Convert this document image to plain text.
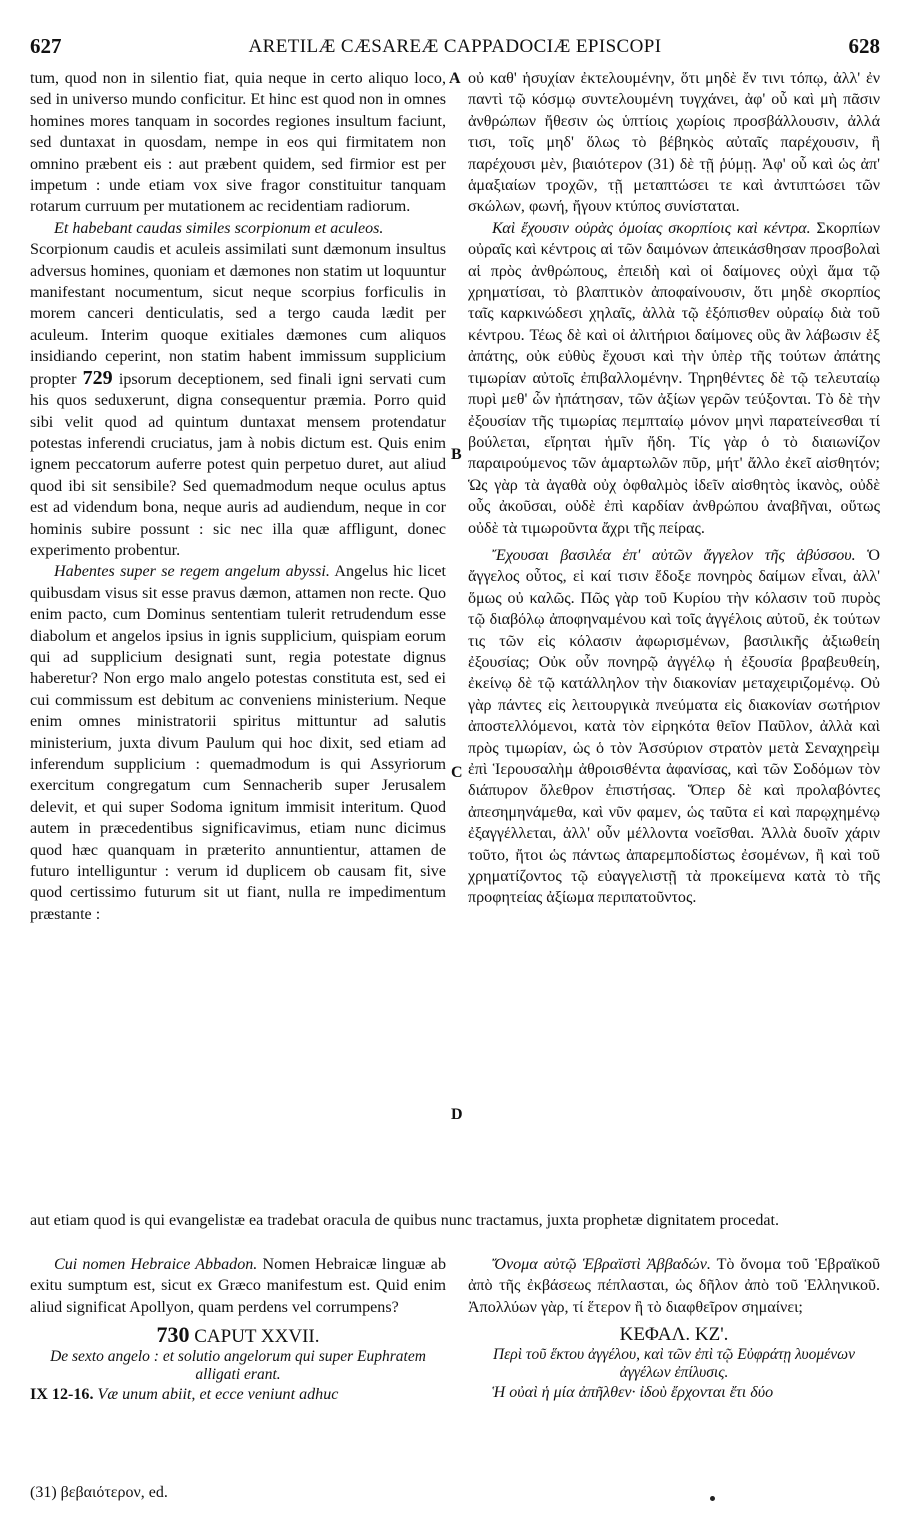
627	ARETILÆ CÆSAREÆ CAPPADOCIÆ EPISCOPI	628
A
B
C
D

tum, quod non in silentio fiat, quia neque in certo aliquo loco, sed in universo mundo conficitur. Et hinc est quod non in omnes homines mores tanquam in socordes regiones insultum faciunt, sed duntaxat in quosdam, nempe in eos qui firmitatem non omnino præbent eis : aut præbent quidem, sed firmior est per impetum : unde etiam vox sive fragor constituitur tanquam rotarum curruum per mutationem ac recidentiam radiorum.

Et habebant caudas similes scorpionum et aculeos.

Scorpionum caudis et aculeis assimilati sunt dæmonum insultus adversus homines, quoniam et dæmones non statim ut loquuntur manifestant nocumentum, sicut neque scorpius forficulis in morem canceri denticulatis, sed a tergo cauda lædit per aculeum. Interim quoque exitiales dæmones cum aliquos insidiando ceperint, non statim habent immissum supplicium propter 729 ipsorum deceptionem, sed finali igni servati cum his quos seduxerunt, digna consequentur præmia. Porro quid sibi velit quod ad quintum duntaxat mensem protendatur potestas inferendi cruciatus, jam à nobis dictum est. Quis enim ignem peccatorum auferre potest quin perpetuo duret, aut aliud quod ibi sit sensibile? Sed quemadmodum neque oculus aptus est ad videndum bona, neque auris ad audiendum, neque in cor hominis subire possunt : sic nec illa quæ affligunt, donec experimento probentur.

Habentes super se regem angelum abyssi. Angelus hic licet quibusdam visus sit esse pravus dæmon, attamen non recte. Quo enim pacto, cum Dominus sententiam tulerit retrudendum esse diabolum et angelos ipsius in ignis supplicium, quispiam eorum qui ad supplicium designati sunt, regia potestate dignus haberetur? Non ergo malo angelo potestas constituta est, sed ei cui commissum est debitum ac conveniens ministerium. Neque enim omnes ministratorii spiritus mittuntur ad salutis ministerium, juxta divum Paulum qui hoc dixit, sed etiam ad inferendum supplicium : quemadmodum is qui Assyriorum exercitum congregatum cum Sennacherib super Jerusalem delevit, et qui super Sodoma ignitum immisit interitum. Quod autem in præcedentibus significavimus, etiam nunc dicimus quod hæc quanquam in præterito annuntientur, attamen de futuro intelliguntur : verum id duplicem ob causam fit, sive quod certissimo futurum sit ut fiant, nulla re impedimentum præstante :

οὐ καθ' ἡσυχίαν ἐκτελουμένην, ὅτι μηδὲ ἔν τινι τόπῳ, ἀλλ' ἐν παντὶ τῷ κόσμῳ συντελουμένη τυγχάνει, ἀφ' οὗ καὶ μὴ πᾶσιν ἀνθρώπων ἤθεσιν ὡς ὑπτίοις χωρίοις προσβάλλουσιν, ἀλλά τισι, τοῖς μηδ' ὅλως τὸ βέβηκὸς αὐταῖς παρέχουσιν, ἢ παρέχουσι μὲν, βιαιότερον (31) δὲ τῇ ῥύμῃ. Ἀφ' οὗ καὶ ὡς ἀπ' ἁμαξιαίων τροχῶν, τῇ μεταπτώσει τε καὶ ἀντιπτώσει τῶν σκώλων, φωνή, ἤγουν κτύπος συνίσταται.

Καὶ ἔχουσιν οὐρὰς ὁμοίας σκορπίοις καὶ κέντρα. Σκορπίων οὐραῖς καὶ κέντροις αἱ τῶν δαιμόνων ἀπεικάσθησαν προσβολαὶ αἱ πρὸς ἀνθρώπους, ἐπειδὴ καὶ οἱ δαίμονες οὐχὶ ἅμα τῷ χρηματίσαι, τὸ βλαπτικὸν ἀποφαίνουσιν, ὅτι μηδὲ σκορπίος ταῖς καρκινώδεσι χηλαῖς, ἀλλὰ τῷ ἐξόπισθεν οὐραίῳ διὰ τοῦ κέντρου. Τέως δὲ καὶ οἱ ἀλιτήριοι δαίμονες οὓς ἂν λάβωσιν ἐξ ἀπάτης, οὐκ εὐθὺς ἔχουσι καὶ τὴν ὑπὲρ τῆς τούτων ἀπάτης τιμωρίαν αὐτοῖς ἐπιβαλλομένην. Τηρηθέντες δὲ τῷ τελευταίῳ πυρὶ μεθ' ὧν ἠπάτησαν, τῶν ἀξίων γερῶν τεύξονται. Τὸ δὲ τὴν ἐξουσίαν τῆς τιμωρίας πεμπταίῳ μόνον μηνὶ παρατείνεσθαι τί βούλεται, εἴρηται ἡμῖν ἤδη. Τίς γὰρ ὁ τὸ διαιωνίζον παραιρούμενος τῶν ἁμαρτωλῶν πῦρ, μήτ' ἄλλο ἐκεῖ αἰσθητόν; Ὡς γὰρ τὰ ἀγαθὰ οὐχ ὀφθαλμὸς ἰδεῖν αἰσθητὸς ἱκανὸς, οὐδὲ οὖς ἀκοῦσαι, οὐδὲ ἐπὶ καρδίαν ἀνθρώπου ἀναβῆναι, οὕτως οὐδὲ τὰ τιμωροῦντα ἄχρι τῆς πείρας.

Ἔχουσαι βασιλέα ἐπ' αὐτῶν ἄγγελον τῆς ἀβύσσου. Ὁ ἄγγελος οὗτος, εἰ καί τισιν ἔδοξε πονηρὸς δαίμων εἶναι, ἀλλ' ὅμως οὐ καλῶς. Πῶς γὰρ τοῦ Κυρίου τὴν κόλασιν τοῦ πυρὸς τῷ διαβόλῳ ἀποφηναμένου καὶ τοῖς ἀγγέλοις αὐτοῦ, ἐκ τούτων τις τῶν εἰς κόλασιν ἀφωρισμένων, βασιλικῆς ἀξιωθείη ἐξουσίας; Οὐκ οὖν πονηρῷ ἀγγέλῳ ἡ ἐξουσία βραβευθείη, ἐκείνῳ δὲ τῷ κατάλληλον τὴν διακονίαν μεταχειριζομένῳ. Οὐ γὰρ πάντες εἰς λειτουργικὰ πνεύματα εἰς διακονίαν σωτήριον ἀποστελλόμενοι, κατὰ τὸν εἰρηκότα θεῖον Παῦλον, ἀλλὰ καὶ πρὸς τιμωρίαν, ὡς ὁ τὸν Ἀσσύριον στρατὸν μετὰ Σεναχηρεὶμ ἐπὶ Ἱερουσαλὴμ ἀθροισθέντα ἀφανίσας, καὶ τῶν Σοδόμων τὸν διάπυρον ὄλεθρον ἐπιστήσας. Ὅπερ δὲ καὶ προλαβόντες ἀπεσημηνάμεθα, καὶ νῦν φαμεν, ὡς ταῦτα εἰ καὶ παρῳχημένῳ ἐξαγγέλλεται, ἀλλ' οὖν μέλλοντα νοεῖσθαι. Ἀλλὰ δυοῖν χάριν τοῦτο, ἤτοι ὡς πάντως ἀπαρεμποδίστως ἐσομένων, ἢ καὶ τοῦ χρηματίζοντος τῷ εὐαγγελιστῇ τὰ προκείμενα κατὰ τὸ τῆς προφητείας ἀξίωμα περιπατοῦντος.

aut etiam quod is qui evangelistæ ea tradebat oracula de quibus nunc tractamus, juxta prophetæ dignitatem procedat.

Cui nomen Hebraice Abbadon. Nomen Hebraicæ linguæ ab exitu sumptum est, sicut ex Græco manifestum est. Quid enim aliud significat Apollyon, quam perdens vel corrumpens?

730 CAPUT XXVII.
De sexto angelo : et solutio angelorum qui super Euphratem alligati erant.

IX 12-16. Væ unum abiit, et ecce veniunt adhuc

Ὄνομα αὐτῷ Ἑβραϊστὶ Ἀββαδών. Τὸ ὄνομα τοῦ Ἑβραϊκοῦ ἀπὸ τῆς ἐκβάσεως πέπλασται, ὡς δῆλον ἀπὸ τοῦ Ἑλληνικοῦ. Ἀπολλύων γὰρ, τί ἕτερον ἢ τὸ διαφθεῖρον σημαίνει;

ΚΕΦΑΛ. ΚΖ'.
Περὶ τοῦ ἕκτου ἀγγέλου, καὶ τῶν ἐπὶ τῷ Εὐφράτῃ λυομένων ἀγγέλων ἐπίλυσις.

Ἡ οὐαὶ ἡ μία ἀπῆλθεν· ἰδοὺ ἔρχονται ἔτι δύο

(31) βεβαιότερον, ed.
